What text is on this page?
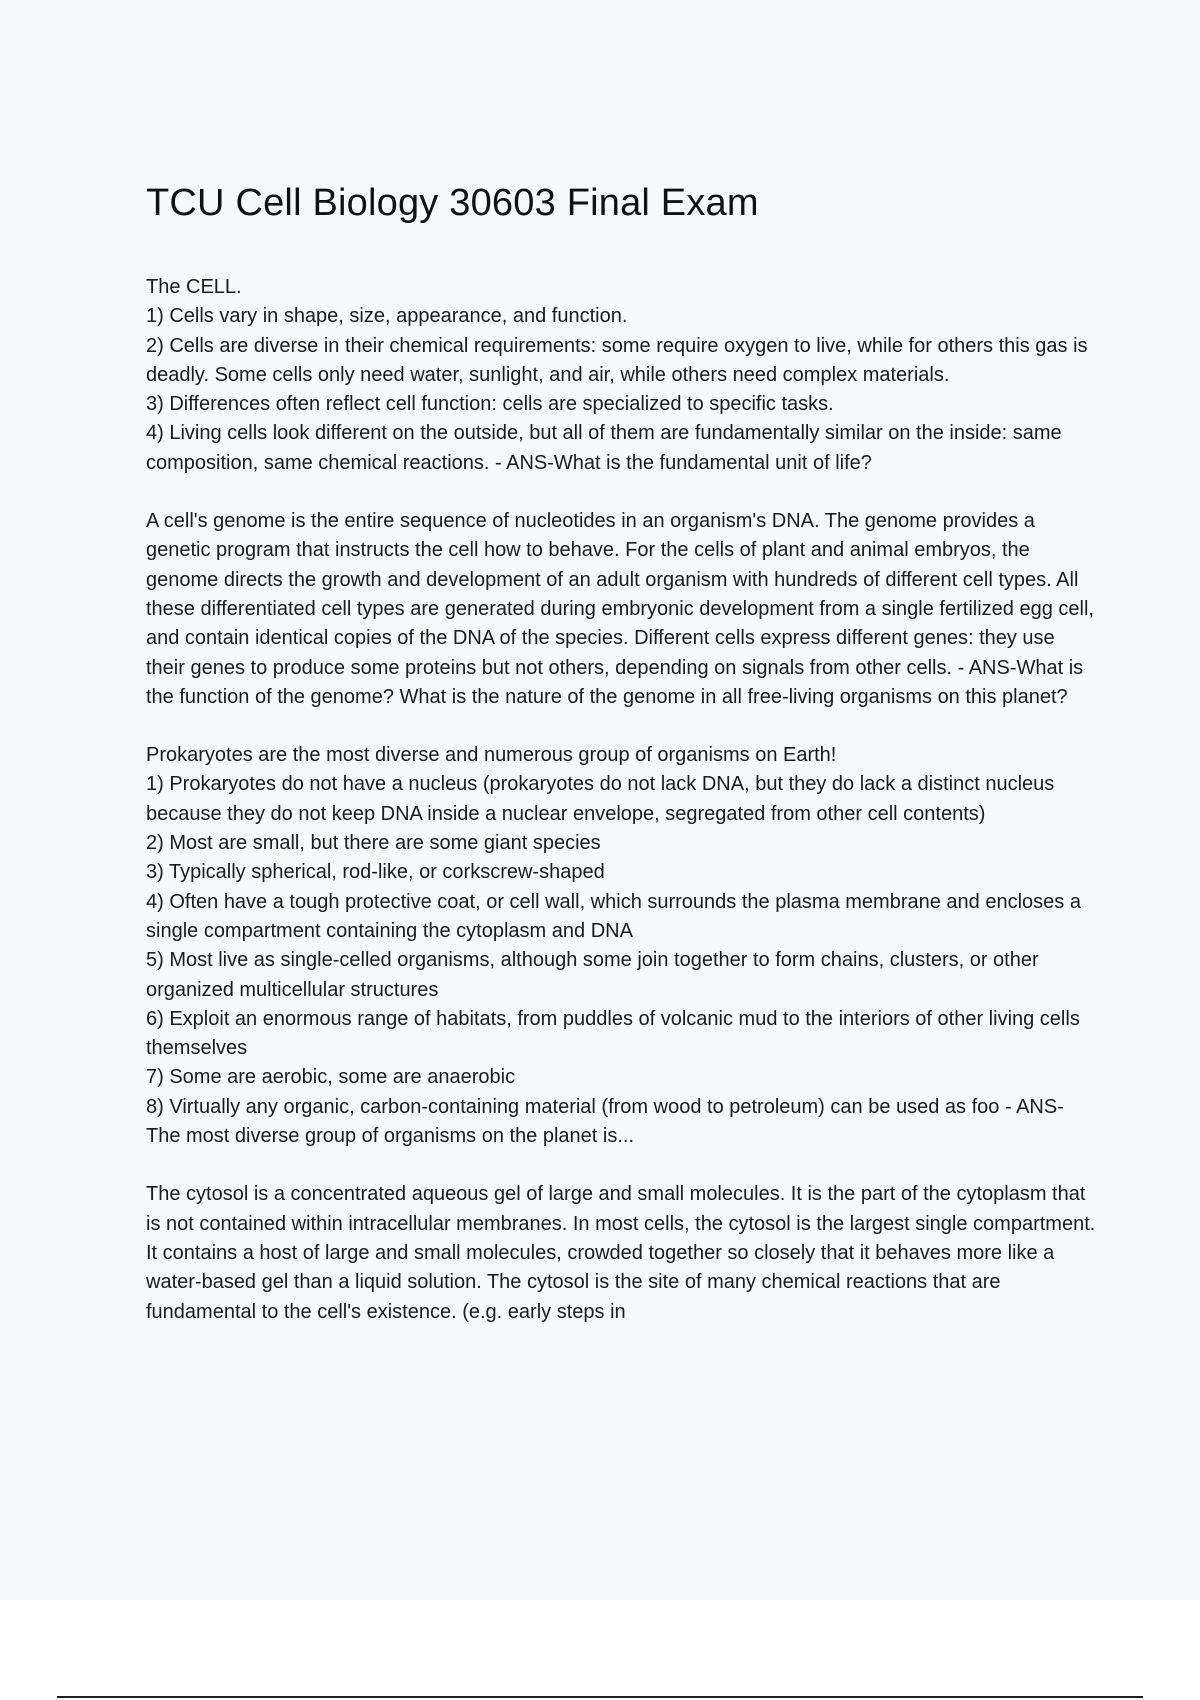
TCU Cell Biology 30603 Final Exam

The CELL.
1) Cells vary in shape, size, appearance, and function.
2) Cells are diverse in their chemical requirements: some require oxygen to live, while for others this gas is deadly. Some cells only need water, sunlight, and air, while others need complex materials.
3) Differences often reflect cell function: cells are specialized to specific tasks.
4) Living cells look different on the outside, but all of them are fundamentally similar on the inside: same composition, same chemical reactions. - ANS-What is the fundamental unit of life?

A cell's genome is the entire sequence of nucleotides in an organism's DNA. The genome provides a genetic program that instructs the cell how to behave. For the cells of plant and animal embryos, the genome directs the growth and development of an adult organism with hundreds of different cell types. All these differentiated cell types are generated during embryonic development from a single fertilized egg cell, and contain identical copies of the DNA of the species. Different cells express different genes: they use their genes to produce some proteins but not others, depending on signals from other cells. - ANS-What is the function of the genome? What is the nature of the genome in all free-living organisms on this planet?

Prokaryotes are the most diverse and numerous group of organisms on Earth!
1) Prokaryotes do not have a nucleus (prokaryotes do not lack DNA, but they do lack a distinct nucleus because they do not keep DNA inside a nuclear envelope, segregated from other cell contents)
2) Most are small, but there are some giant species
3) Typically spherical, rod-like, or corkscrew-shaped
4) Often have a tough protective coat, or cell wall, which surrounds the plasma membrane and encloses a single compartment containing the cytoplasm and DNA
5) Most live as single-celled organisms, although some join together to form chains, clusters, or other organized multicellular structures
6) Exploit an enormous range of habitats, from puddles of volcanic mud to the interiors of other living cells themselves
7) Some are aerobic, some are anaerobic
8) Virtually any organic, carbon-containing material (from wood to petroleum) can be used as foo - ANS-The most diverse group of organisms on the planet is...

The cytosol is a concentrated aqueous gel of large and small molecules. It is the part of the cytoplasm that is not contained within intracellular membranes. In most cells, the cytosol is the largest single compartment. It contains a host of large and small molecules, crowded together so closely that it behaves more like a water-based gel than a liquid solution. The cytosol is the site of many chemical reactions that are fundamental to the cell's existence. (e.g. early steps in
